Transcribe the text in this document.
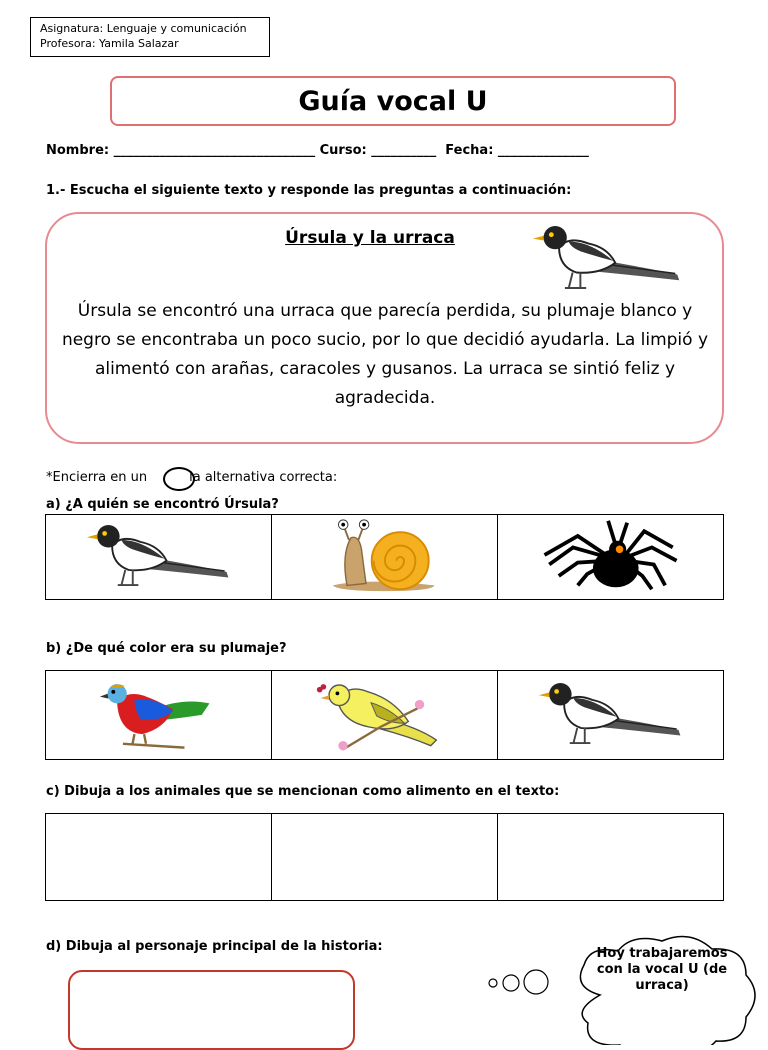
Asignatura: Lenguaje y comunicación
Profesora: Yamila Salazar
Guía vocal U
Nombre: _______________________________ Curso: __________  Fecha: ______________
1.- Escucha el siguiente texto y responde las preguntas a continuación:
Úrsula y la urraca
Úrsula se encontró una urraca que parecía perdida, su plumaje blanco y negro se encontraba un poco sucio, por lo que decidió ayudarla. La limpió y alimentó con arañas, caracoles y gusanos. La urraca se sintió feliz y agradecida.
*Encierra en un	la alternativa correcta:
a) ¿A quién se encontró Úrsula?

b) ¿De qué color era su plumaje?

c) Dibuja a los animales que se mencionan como alimento en el texto:

d) Dibuja al personaje principal de la historia:	Hoy trabajaremos con la vocal U (de urraca)
